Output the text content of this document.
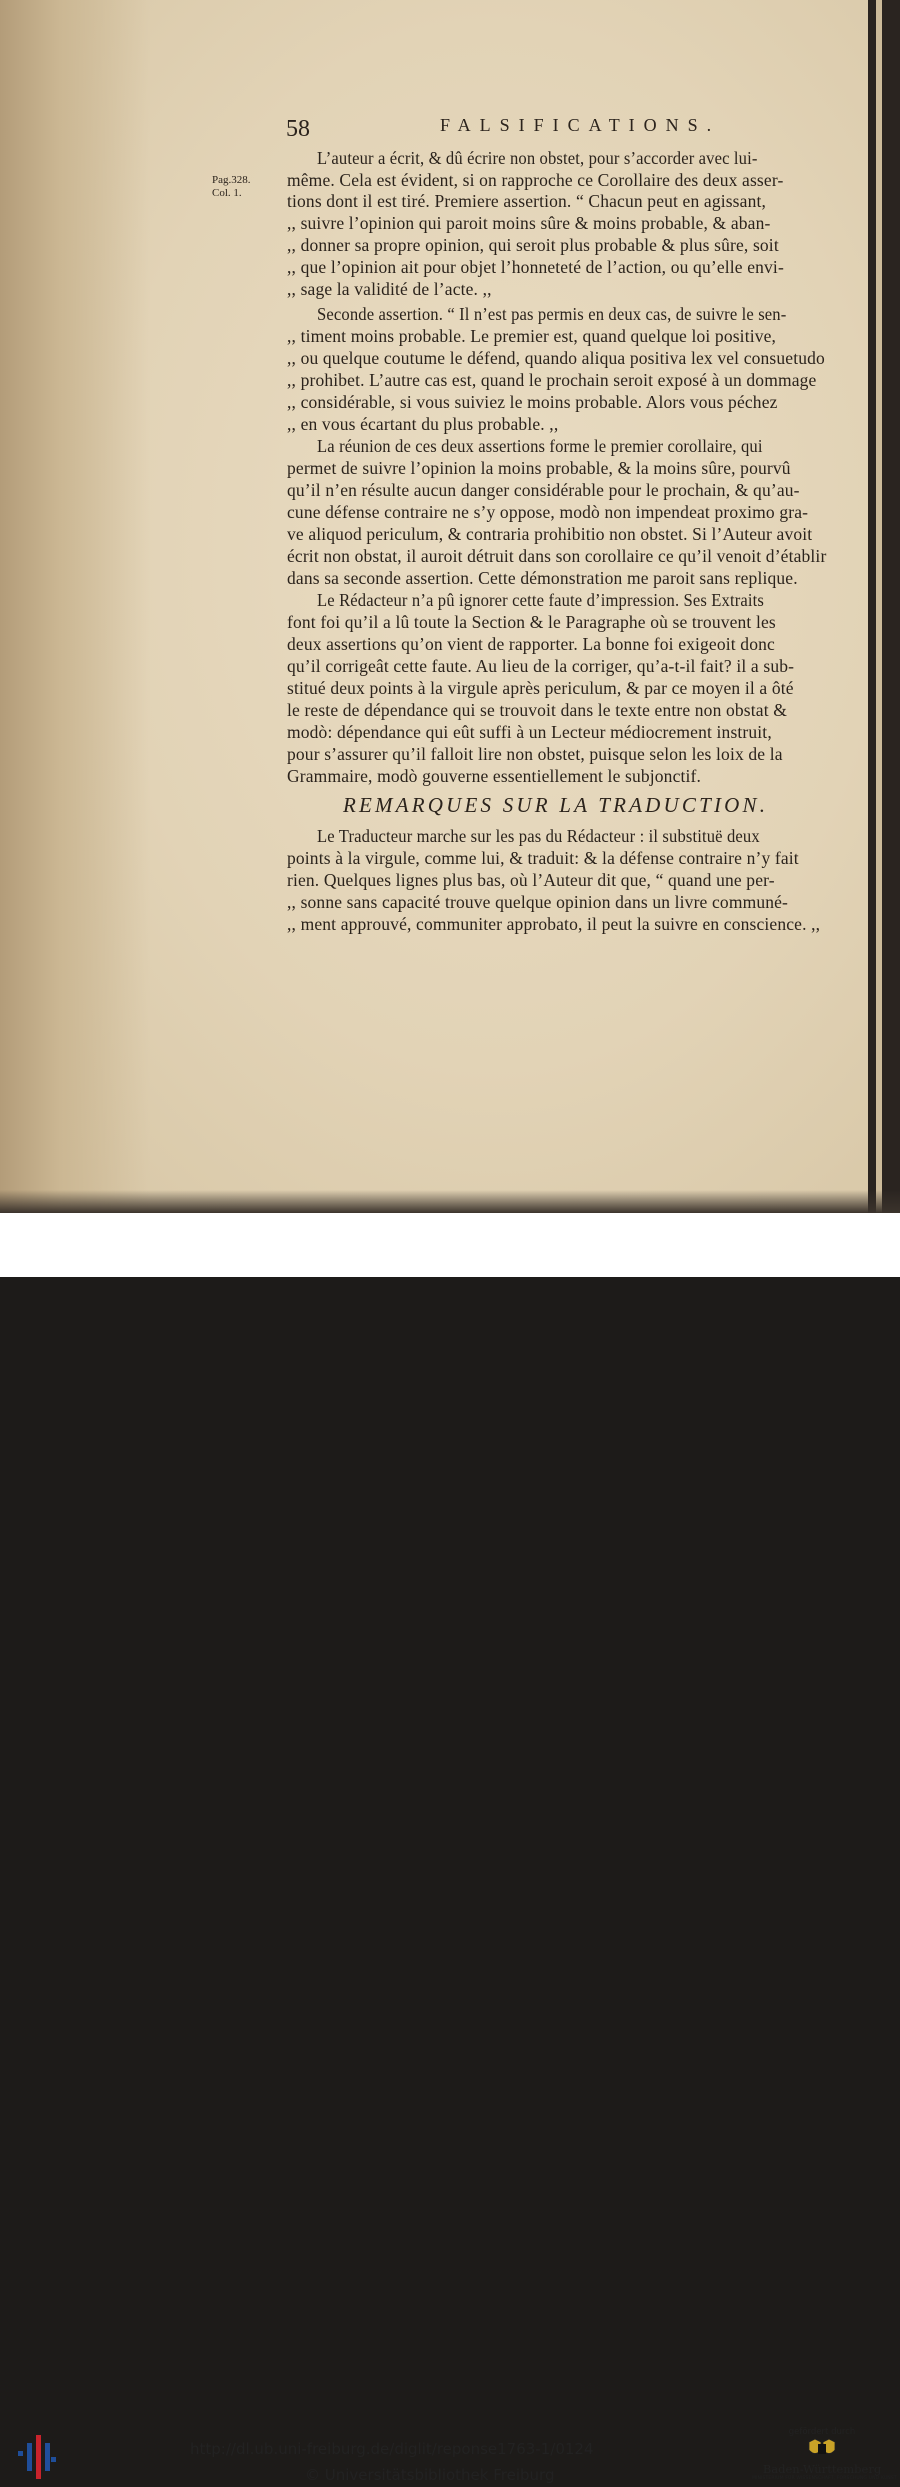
58	FALSIFICATIONS.
Pag.328.
Col. 1.
L’auteur a écrit, & dû écrire non obstet, pour s’accorder avec lui-
même. Cela est évident, si on rapproche ce Corollaire des deux asser-
tions dont il est tiré. Premiere assertion. “ Chacun peut en agissant,
,, suivre l’opinion qui paroit moins sûre & moins probable, & aban-
,, donner sa propre opinion, qui seroit plus probable & plus sûre, soit
,, que l’opinion ait pour objet l’honneteté de l’action, ou qu’elle envi-
,, sage la validité de l’acte. ,,
Seconde assertion. “ Il n’est pas permis en deux cas, de suivre le sen-
,, timent moins probable. Le premier est, quand quelque loi positive,
,, ou quelque coutume le défend, quando aliqua positiva lex vel consuetudo
,, prohibet. L’autre cas est, quand le prochain seroit exposé à un dommage
,, considérable, si vous suiviez le moins probable. Alors vous péchez
,, en vous écartant du plus probable. ,,
La réunion de ces deux assertions forme le premier corollaire, qui
permet de suivre l’opinion la moins probable, & la moins sûre, pourvû
qu’il n’en résulte aucun danger considérable pour le prochain, & qu’au-
cune défense contraire ne s’y oppose, modò non impendeat proximo gra-
ve aliquod periculum, & contraria prohibitio non obstet. Si l’Auteur avoit
écrit non obstat, il auroit détruit dans son corollaire ce qu’il venoit d’établir
dans sa seconde assertion. Cette démonstration me paroit sans replique.
Le Rédacteur n’a pû ignorer cette faute d’impression. Ses Extraits
font foi qu’il a lû toute la Section & le Paragraphe où se trouvent les
deux assertions qu’on vient de rapporter. La bonne foi exigeoit donc
qu’il corrigeât cette faute. Au lieu de la corriger, qu’a-t-il fait? il a sub-
stitué deux points à la virgule après periculum, & par ce moyen il a ôté
le reste de dépendance qui se trouvoit dans le texte entre non obstat &
modò: dépendance qui eût suffi à un Lecteur médiocrement instruit,
pour s’assurer qu’il falloit lire non obstet, puisque selon les loix de la
Grammaire, modò gouverne essentiellement le subjonctif.
REMARQUES SUR LA TRADUCTION.
Le Traducteur marche sur les pas du Rédacteur : il substituë deux
points à la virgule, comme lui, & traduit: & la défense contraire n’y fait
rien. Quelques lignes plus bas, où l’Auteur dit que, “ quand une per-
,, sonne sans capacité trouve quelque opinion dans un livre communé-
,, ment approuvé, communiter approbato, il peut la suivre en conscience. ,,
http://dl.ub.uni-freiburg.de/diglit/reponse1763-1/0124
© Universitätsbibliothek Freiburg
gefördert durch
Baden-Württemberg
MINISTERIUM FÜR WISSENSCHAFT, FORSCHUNG UND KUNST
